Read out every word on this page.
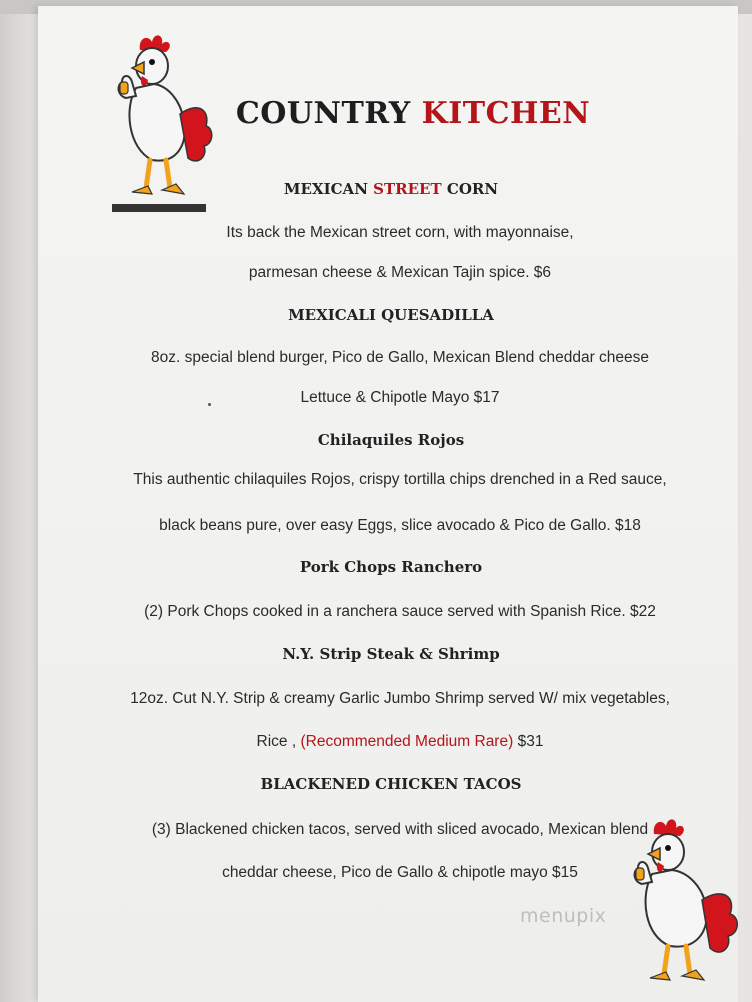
COUNTRY KITCHEN
MEXICAN STREET CORN

Its back the Mexican street corn, with mayonnaise,

parmesan cheese & Mexican Tajin spice. $6

MEXICALI QUESADILLA

8oz. special blend burger, Pico de Gallo, Mexican Blend cheddar cheese

Lettuce & Chipotle Mayo $17

Chilaquiles Rojos

This authentic chilaquiles Rojos, crispy tortilla chips drenched in a Red sauce,

black beans pure, over easy Eggs, slice avocado & Pico de Gallo. $18

Pork Chops Ranchero

(2) Pork Chops cooked in a ranchera sauce served with Spanish Rice. $22

N.Y. Strip Steak & Shrimp

12oz. Cut N.Y. Strip & creamy Garlic Jumbo Shrimp served W/ mix vegetables,

Rice , (Recommended Medium Rare) $31

BLACKENED CHICKEN TACOS

(3) Blackened chicken tacos, served with sliced avocado, Mexican blend

cheddar cheese, Pico de Gallo & chipotle mayo $15

menupix
